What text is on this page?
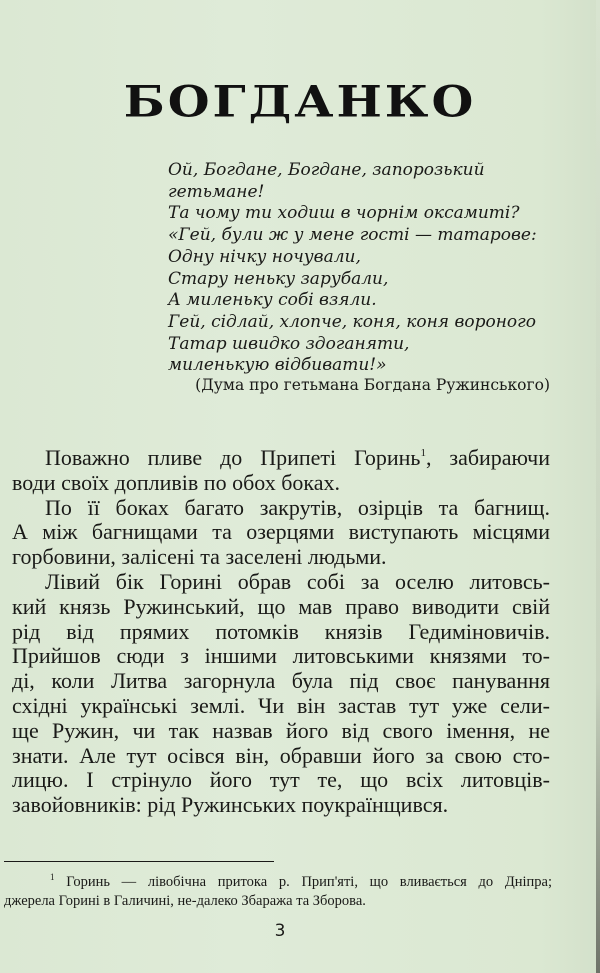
БОГДАНКО
Ой, Богдане, Богдане, запорозький
гетьмане!
Та чому ти ходиш в чорнім оксамиті?
«Гей, були ж у мене гості — татарове:
Одну нічку ночували,
Стару неньку зарубали,
А миленьку собі взяли.
Гей, сідлай, хлопче, коня, коня вороного
Татар швидко здоганяти,
миленькую відбивати!»
(Дума про гетьмана Богдана Ружинського)
Поважно пливе до Припеті Горинь$^1$, забираючи
води своїх допливів по обох боках.
По її боках багато закрутів, озірців та багнищ.
А між багнищами та озерцями виступають місцями
горбовини, залісені та заселені людьми.
Лівий бік Горині обрав собі за оселю литовсь-
кий князь Ружинський, що мав право виводити свій
рід від прямих потомків князів Гедиміновичів.
Прийшов сюди з іншими литовськими князями то-
ді, коли Литва загорнула була під своє панування
східні українські землі. Чи він застав тут уже сели-
ще Ружин, чи так назвав його від свого імення, не
знати. Але тут осівся він, обравши його за свою сто-
лицю. І стрінуло його тут те, що всіх литовців-
завойовників: рід Ружинських поукраїнщився.
$^1$ Горинь — лівобічна притока р. Прип'яті, що вливається до Дніпра;
джерела Горині в Галичині, не-далеко Збаража та Зборова.
3
